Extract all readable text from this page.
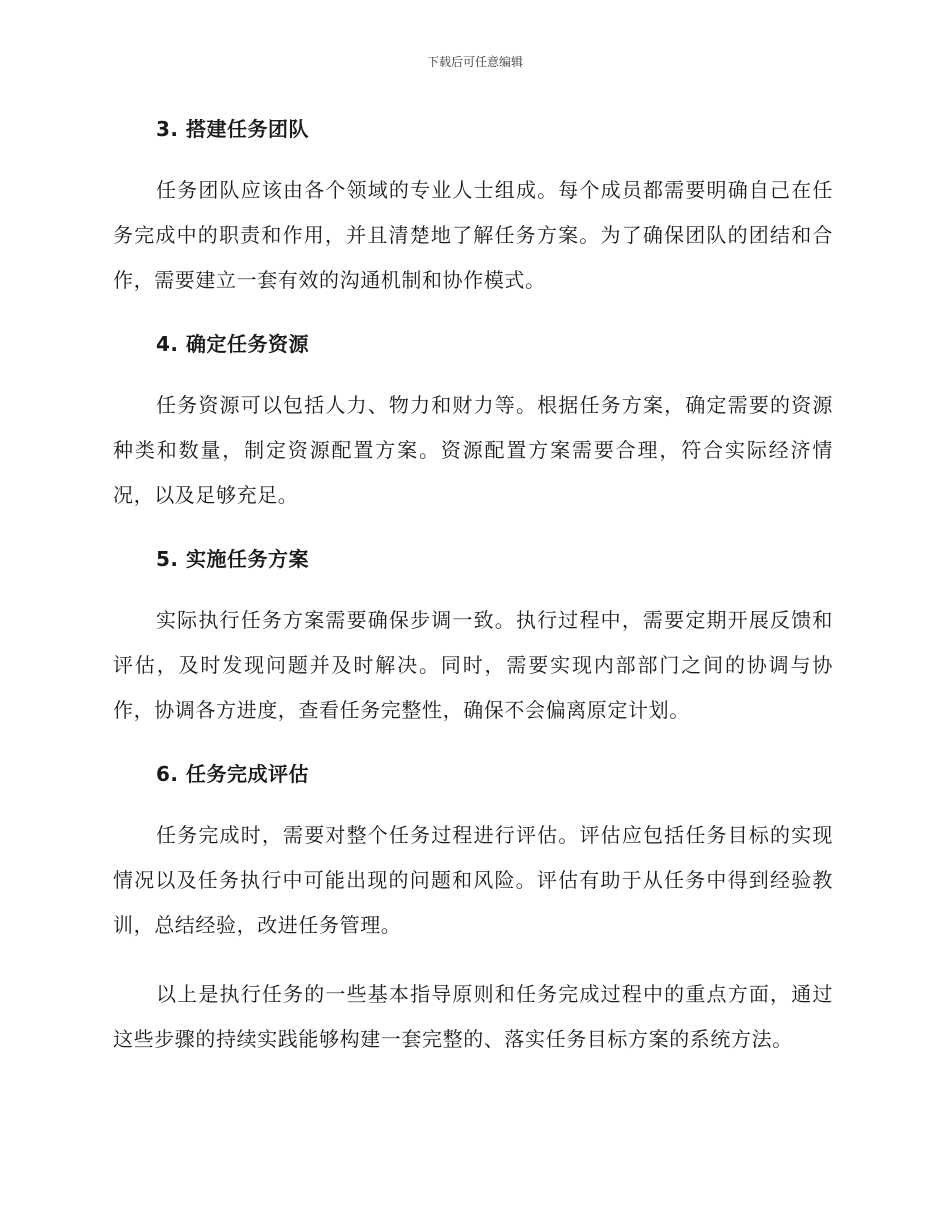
下载后可任意编辑
3. 搭建任务团队

任务团队应该由各个领域的专业人士组成。每个成员都需要明确自己在任务完成中的职责和作用，并且清楚地了解任务方案。为了确保团队的团结和合作，需要建立一套有效的沟通机制和协作模式。

4. 确定任务资源

任务资源可以包括人力、物力和财力等。根据任务方案，确定需要的资源种类和数量，制定资源配置方案。资源配置方案需要合理，符合实际经济情况，以及足够充足。

5. 实施任务方案

实际执行任务方案需要确保步调一致。执行过程中，需要定期开展反馈和评估，及时发现问题并及时解决。同时，需要实现内部部门之间的协调与协作，协调各方进度，查看任务完整性，确保不会偏离原定计划。

6. 任务完成评估

任务完成时，需要对整个任务过程进行评估。评估应包括任务目标的实现情况以及任务执行中可能出现的问题和风险。评估有助于从任务中得到经验教训，总结经验，改进任务管理。

以上是执行任务的一些基本指导原则和任务完成过程中的重点方面，通过这些步骤的持续实践能够构建一套完整的、落实任务目标方案的系统方法。
